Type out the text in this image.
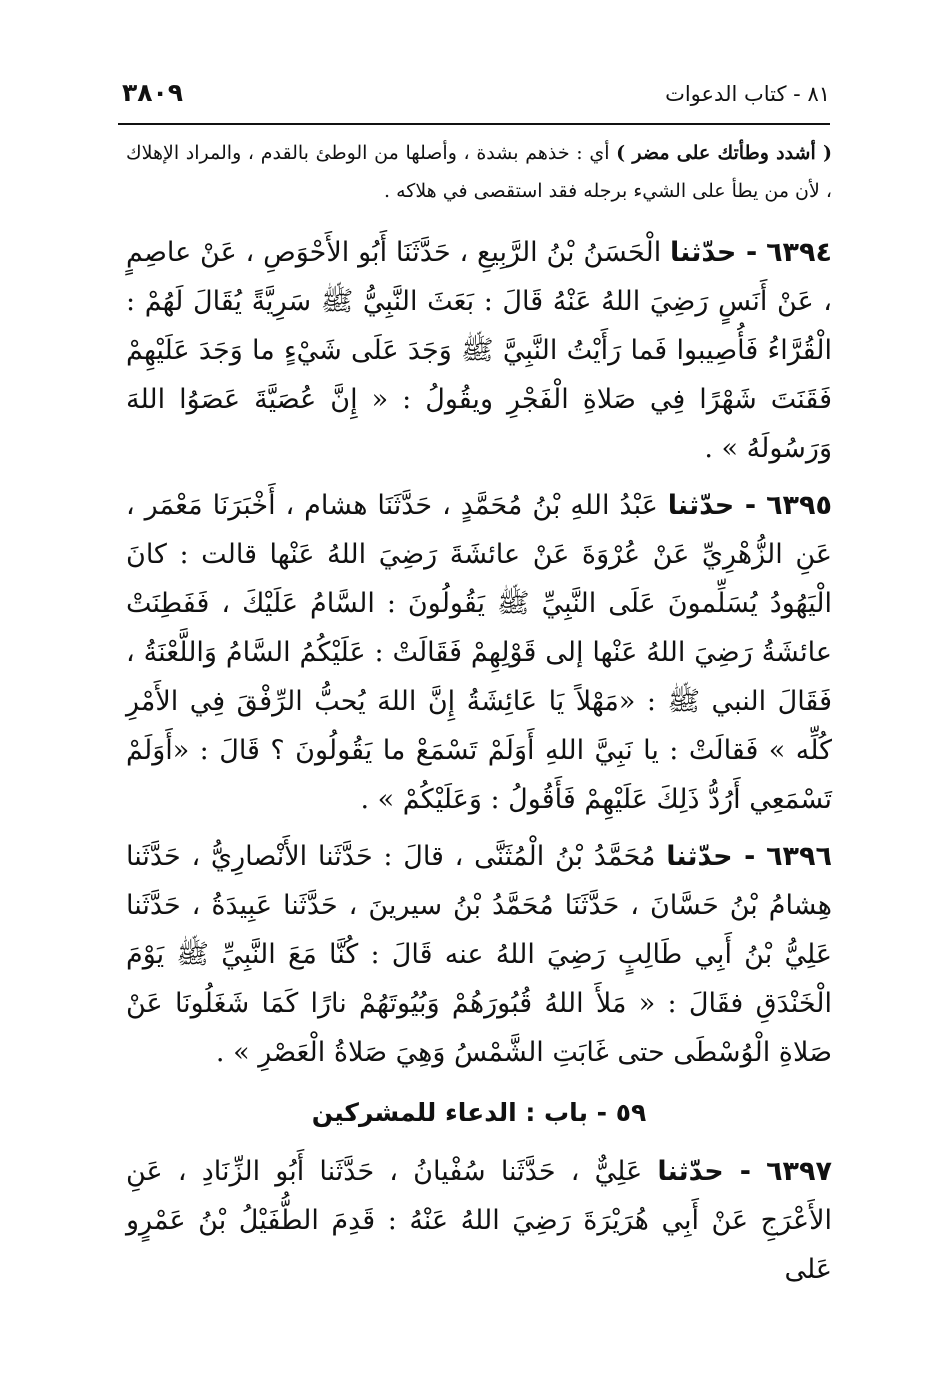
٨١ - كتاب الدعوات
٣٨٠٩

( أشدد وطأتك على مضر ) أي : خذهم بشدة ، وأصلها من الوطئ بالقدم ، والمراد الإهلاك ، لأن من يطأ على الشيء برجله فقد استقصى في هلاكه .

٦٣٩٤ - حدّثنا الْحَسَنُ بْنُ الرَّبِيعِ ، حَدَّثَنَا أَبُو الأَحْوَصِ ، عَنْ عاصِمٍ ، عَنْ أَنَسٍ رَضِيَ اللهُ عَنْهُ قَالَ : بَعَثَ النَّبِيُّ ﷺ سَرِيَّةً يُقَالَ لَهُمْ : الْقُرَّاءُ فَأُصِيبوا فَما رَأَيْتُ النَّبِيَّ ﷺ وَجَدَ عَلَى شَيْءٍ ما وَجَدَ عَلَيْهِمْ فَقَنَتَ شَهْرًا فِي صَلاةِ الْفَجْرِ ويقُولُ : « إِنَّ عُصَيَّةَ عَصَوُا اللهَ وَرَسُولَهُ » .

٦٣٩٥ - حدّثنا عَبْدُ اللهِ بْنُ مُحَمَّدٍ ، حَدَّثَنَا هشام ، أَخْبَرَنَا مَعْمَر ، عَنِ الزُّهْرِيِّ عَنْ عُرْوَةَ عَنْ عائشَةَ رَضِيَ اللهُ عَنْها قالت : كانَ الْيَهُودُ يُسَلِّمونَ عَلَى النَّبِيِّ ﷺ يَقُولُونَ : السَّامُ عَلَيْكَ ، فَفَطِنَتْ عائشَةُ رَضِيَ اللهُ عَنْها إلى قَوْلِهِمْ فَقَالَتْ : عَلَيْكُمُ السَّامُ وَاللَّعْنَةُ ، فَقَالَ النبي ﷺ : «مَهْلاً يَا عَائِشَةُ إِنَّ اللهَ يُحبُّ الرِّفْقَ فِي الأَمْرِ كُلِّه » فَقالَتْ : يا نَبِيَّ اللهِ أَوَلَمْ تَسْمَعْ ما يَقُولُونَ ؟ قَالَ : «أَوَلَمْ تَسْمَعِي أَرُدُّ ذَلِكَ عَلَيْهِمْ فَأَقُولُ : وَعَلَيْكُمْ » .

٦٣٩٦ - حدّثنا مُحَمَّدُ بْنُ الْمُثَنَّى ، قالَ : حَدَّثَنا الأَنْصارِيُّ ، حَدَّثَنا هِشامُ بْنُ حَسَّانَ ، حَدَّثَنَا مُحَمَّدُ بْنُ سيرينَ ، حَدَّثَنا عَبِيدَةُ ، حَدَّثَنا عَلِيُّ بْنُ أَبِي طَالِبٍ رَضِيَ اللهُ عنه قَالَ : كُنَّا مَعَ النَّبِيِّ ﷺ يَوْمَ الْخَنْدَقِ فقَالَ : « مَلأَ اللهُ قُبُورَهُمْ وَبُيُوتَهُمْ نارًا كَمَا شَغَلُونَا عَنْ صَلاةِ الْوُسْطَى حتى غَابَتِ الشَّمْسُ وَهِيَ صَلاةُ الْعَصْرِ » .

٥٩ - باب : الدعاء للمشركين

٦٣٩٧ - حدّثنا عَلِيٌّ ، حَدَّثَنا سُفْيانُ ، حَدَّثَنا أَبُو الزِّنَادِ ، عَنِ الأَعْرَجِ عَنْ أَبِي هُرَيْرَةَ رَضِيَ اللهُ عَنْهُ : قَدِمَ الطُّفَيْلُ بْنُ عَمْرٍو عَلى
